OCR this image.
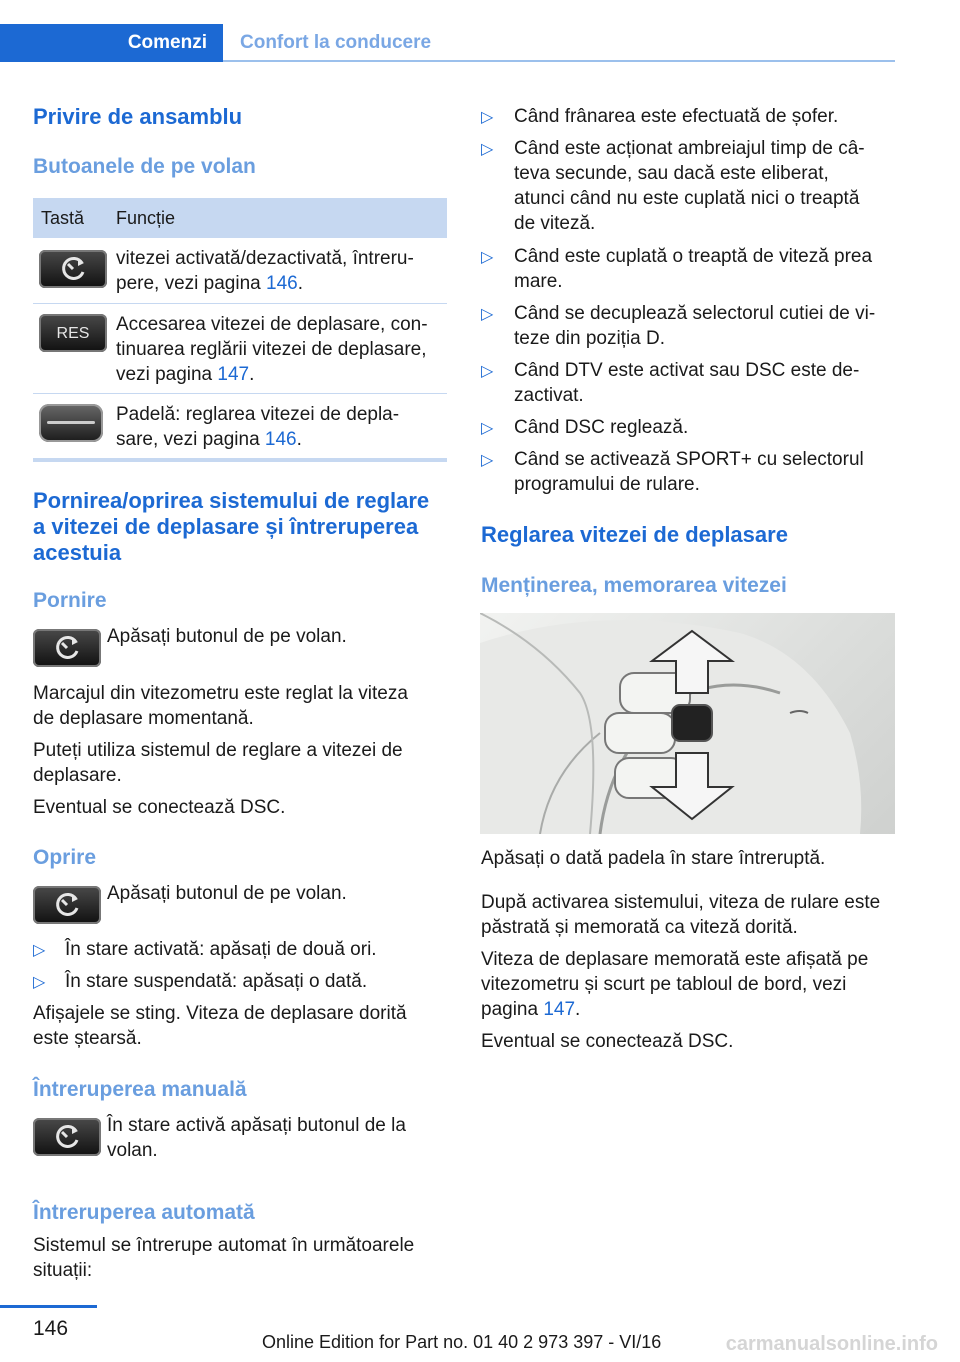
Comenzi	Confort la conducere
Privire de ansamblu
Butoanele de pe volan
Tastă Funcție
vitezei activată/dezactivată, întreru-
pere, vezi pagina 146.
RES Accesarea vitezei de deplasare, con-
tinuarea reglării vitezei de deplasare,
vezi pagina 147.
Padelă: reglarea vitezei de depla-
sare, vezi pagina 146.
Pornirea/oprirea sistemului de reglare
a vitezei de deplasare și întreruperea
acestuia
Pornire
Apăsați butonul de pe volan.
Marcajul din vitezometru este reglat la viteza
de deplasare momentană.
Puteți utiliza sistemul de reglare a vitezei de
deplasare.
Eventual se conectează DSC.
Oprire
Apăsați butonul de pe volan.
▷ În stare activată: apăsați de două ori.
▷ În stare suspendată: apăsați o dată.
Afișajele se sting. Viteza de deplasare dorită
este ștearsă.
Întreruperea manuală
În stare activă apăsați butonul de la
volan.
Întreruperea automată
Sistemul se întrerupe automat în următoarele
situații:
▷ Când frânarea este efectuată de șofer.
▷ Când este acționat ambreiajul timp de câ-
teva secunde, sau dacă este eliberat,
atunci când nu este cuplată nici o treaptă
de viteză.
▷ Când este cuplată o treaptă de viteză prea
mare.
▷ Când se decuplează selectorul cutiei de vi-
teze din poziția D.
▷ Când DTV este activat sau DSC este de-
zactivat.
▷ Când DSC reglează.
▷ Când se activează SPORT+ cu selectorul
programului de rulare.
Reglarea vitezei de deplasare
Menținerea, memorarea vitezei
Apăsați o dată padela în stare întreruptă.
După activarea sistemului, viteza de rulare este
păstrată și memorată ca viteză dorită.
Viteza de deplasare memorată este afișată pe
vitezometru și scurt pe tabloul de bord, vezi
pagina 147.
Eventual se conectează DSC.
146
Online Edition for Part no. 01 40 2 973 397 - VI/16	carmanualsonline.info
